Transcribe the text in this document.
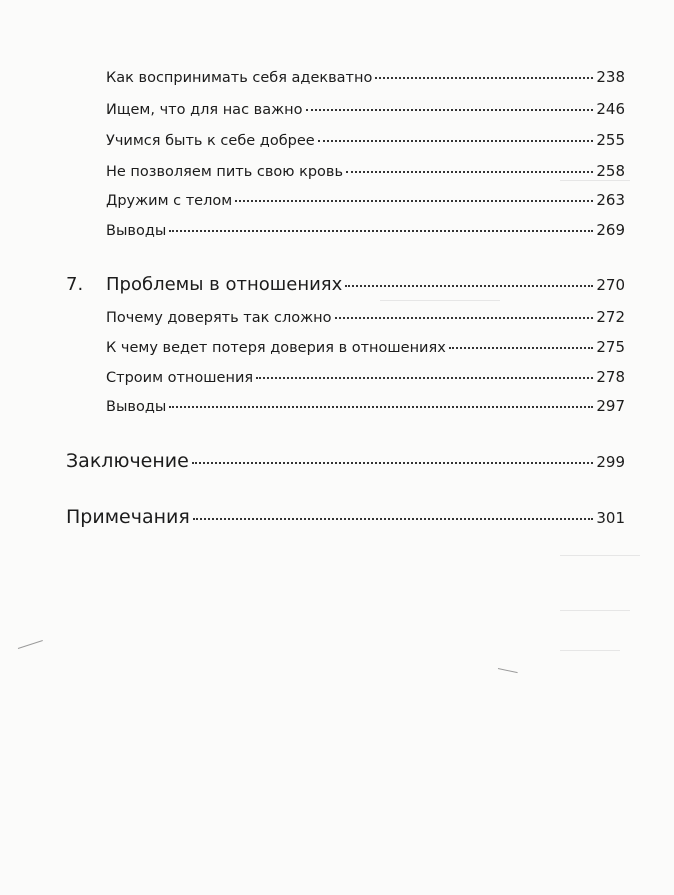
Как воспринимать себя адекватно	238
Ищем, что для нас важно	246
Учимся быть к себе добрее	255
Не позволяем пить свою кровь	258
Дружим с телом	263
Выводы	269
7.	Проблемы в отношениях	270
Почему доверять так сложно	272
К чему ведет потеря доверия в отношениях	275
Строим отношения	278
Выводы	297
Заключение	299
Примечания	301
